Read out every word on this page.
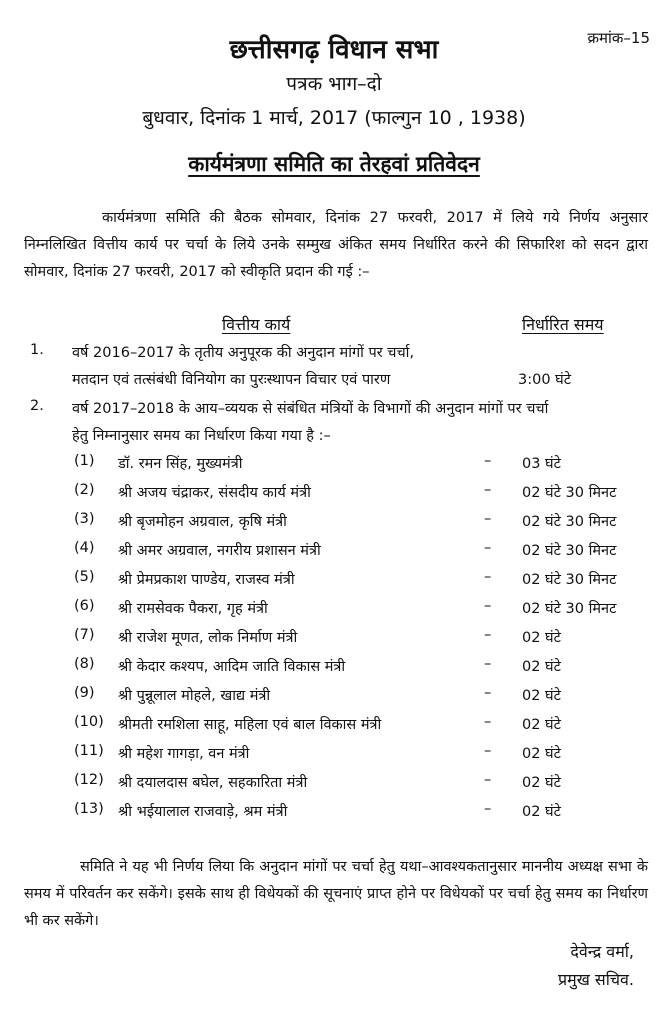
क्रमांक–15
छत्तीसगढ़ विधान सभा
पत्रक भाग–दो
बुधवार, दिनांक 1 मार्च, 2017 (फाल्गुन 10 , 1938)
कार्यमंत्रणा समिति का तेरहवां प्रतिवेदन
कार्यमंत्रणा समिति की बैठक सोमवार, दिनांक 27 फरवरी, 2017 में लिये गये निर्णय अनुसार निम्नलिखित वित्तीय कार्य पर चर्चा के लिये उनके सम्मुख अंकित समय निर्धारित करने की सिफारिश को सदन द्वारा सोमवार, दिनांक 27 फरवरी, 2017 को स्वीकृति प्रदान की गई :–
वित्तीय कार्य	निर्धारित समय
1. वर्ष 2016–2017 के तृतीय अनुपूरक की अनुदान मांगों पर चर्चा,
मतदान एवं तत्संबंधी विनियोग का पुरःस्थापन विचार एवं पारण	3:00 घंटे
2. वर्ष 2017–2018 के आय–व्ययक से संबंधित मंत्रियों के विभागों की अनुदान मांगों पर चर्चा
हेतु निम्नानुसार समय का निर्धारण किया गया है :–
(1) डॉ. रमन सिंह, मुख्यमंत्री	– 03 घंटे
(2) श्री अजय चंद्राकर, संसदीय कार्य मंत्री	– 02 घंटे 30 मिनट
(3) श्री बृजमोहन अग्रवाल, कृषि मंत्री	– 02 घंटे 30 मिनट
(4) श्री अमर अग्रवाल, नगरीय प्रशासन मंत्री	– 02 घंटे 30 मिनट
(5) श्री प्रेमप्रकाश पाण्डेय, राजस्व मंत्री	– 02 घंटे 30 मिनट
(6) श्री रामसेवक पैकरा, गृह मंत्री	– 02 घंटे 30 मिनट
(7) श्री राजेश मूणत, लोक निर्माण मंत्री	– 02 घंटे
(8) श्री केदार कश्यप, आदिम जाति विकास मंत्री	– 02 घंटे
(9) श्री पुन्नूलाल मोहले, खाद्य मंत्री	– 02 घंटे
(10) श्रीमती रमशिला साहू, महिला एवं बाल विकास मंत्री	– 02 घंटे
(11) श्री महेश गागड़ा, वन मंत्री	– 02 घंटे
(12) श्री दयालदास बघेल, सहकारिता मंत्री	– 02 घंटे
(13) श्री भईयालाल राजवाड़े, श्रम मंत्री	– 02 घंटे
समिति ने यह भी निर्णय लिया कि अनुदान मांगों पर चर्चा हेतु यथा–आवश्यकतानुसार माननीय अध्यक्ष सभा के समय में परिवर्तन कर सकेंगे। इसके साथ ही विधेयकों की सूचनाएं प्राप्त होने पर विधेयकों पर चर्चा हेतु समय का निर्धारण भी कर सकेंगे।
देवेन्द्र वर्मा,
प्रमुख सचिव.
